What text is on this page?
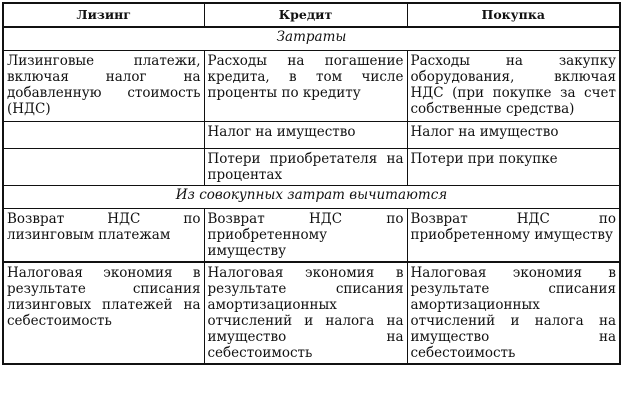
Лизинг	Кредит	Покупка
Затраты		
Лизинговые платежи, включая налог на добавленную стоимость (НДС)	Расходы на погашение кредита, в том числе проценты по кредиту	Расходы на закупку оборудования, включая НДС (при покупке за счет собственные средства)
	Налог на имущество	Налог на имущество
	Потери приобретателя на процентах	Потери при покупке
Из совокупных затрат вычитаются		
Возврат НДС по лизинговым платежам	Возврат НДС по приобретенному имуществу	Возврат НДС по приобретенному имуществу
Налоговая экономия в результате списания лизинговых платежей на себестоимость	Налоговая экономия в результате списания амортизационных отчислений и налога на имущество на себестоимость	Налоговая экономия в результате списания амортизационных отчислений и налога на имущество на себестоимость
